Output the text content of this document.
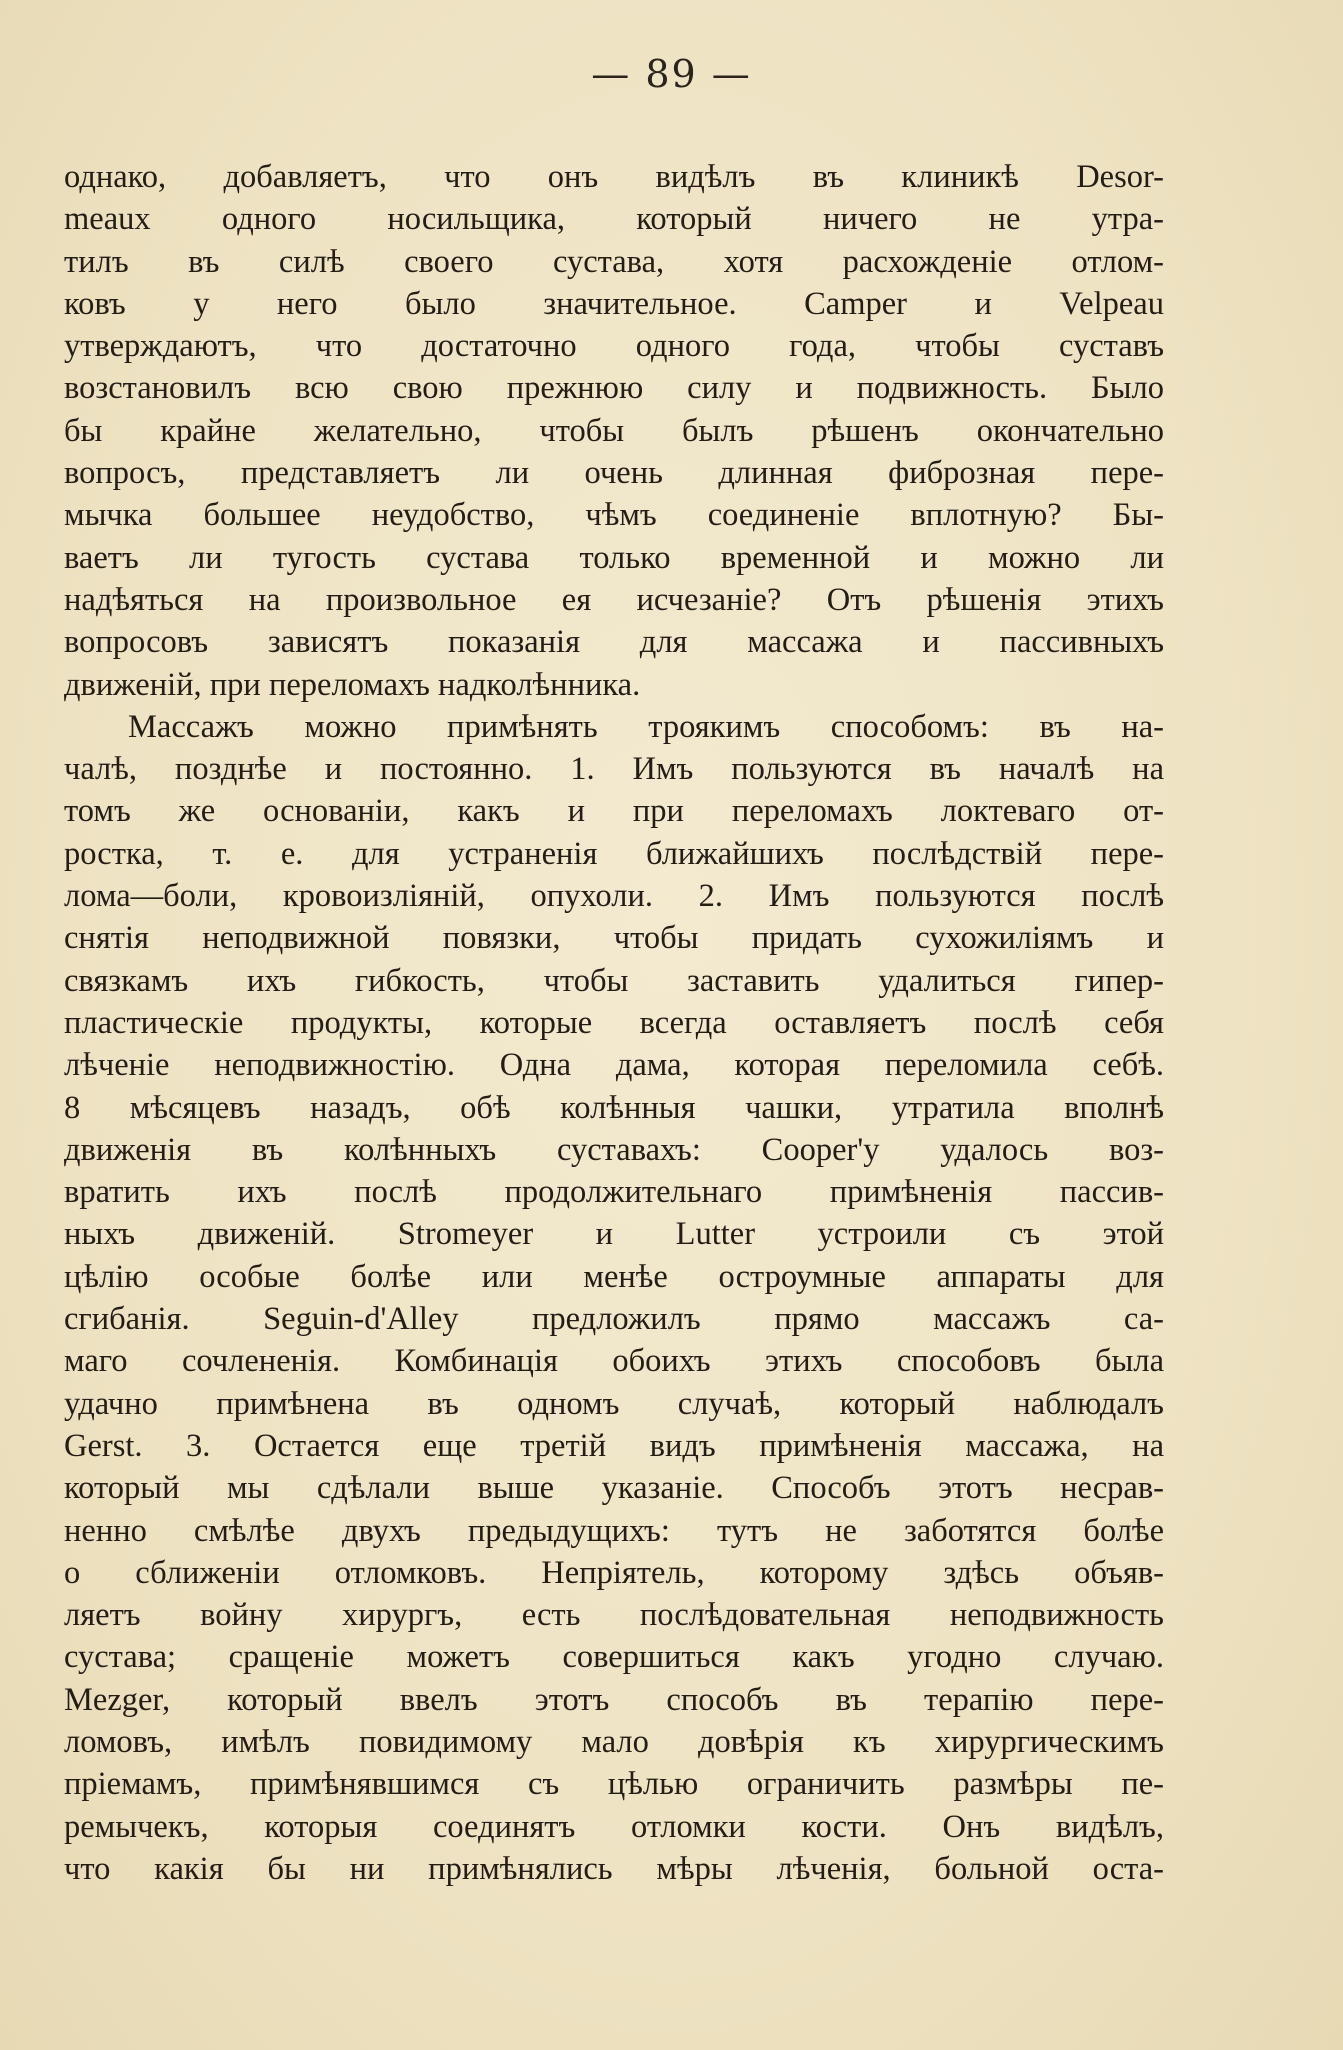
— 89 —
однако, добавляетъ, что онъ видѣлъ въ клиникѣ Desor-
meaux одного носильщика, который ничего не утра-
тилъ въ силѣ своего сустава, хотя расхожденіе отлом-
ковъ у него было значительное. Camper и Velpeau
утверждаютъ, что достаточно одного года, чтобы суставъ
возстановилъ всю свою прежнюю силу и подвижность. Было
бы крайне желательно, чтобы былъ рѣшенъ окончательно
вопросъ, представляетъ ли очень длинная фиброзная пере-
мычка большее неудобство, чѣмъ соединеніе вплотную? Бы-
ваетъ ли тугость сустава только временной и можно ли
надѣяться на произвольное ея исчезаніе? Отъ рѣшенія этихъ
вопросовъ зависятъ показанія для массажа и пассивныхъ
движеній, при переломахъ надколѣнника.
Массажъ можно примѣнять троякимъ способомъ: въ на-
чалѣ, позднѣе и постоянно. 1. Имъ пользуются въ началѣ на
томъ же основаніи, какъ и при переломахъ локтеваго от-
ростка, т. е. для устраненія ближайшихъ послѣдствій пере-
лома—боли, кровоизліяній, опухоли. 2. Имъ пользуются послѣ
снятія неподвижной повязки, чтобы придать сухожиліямъ и
связкамъ ихъ гибкость, чтобы заставить удалиться гипер-
пластическіе продукты, которые всегда оставляетъ послѣ себя
лѣченіе неподвижностію. Одна дама, которая переломила себѣ.
8 мѣсяцевъ назадъ, обѣ колѣнныя чашки, утратила вполнѣ
движенія въ колѣнныхъ суставахъ: Cooper'у удалось воз-
вратить ихъ послѣ продолжительнаго примѣненія пассив-
ныхъ движеній. Stromeyer и Lutter устроили съ этой
цѣлію особые болѣе или менѣе остроумные аппараты для
сгибанія. Seguin-d'Alley предложилъ прямо массажъ са-
маго сочлененія. Комбинація обоихъ этихъ способовъ была
удачно примѣнена въ одномъ случаѣ, который наблюдалъ
Gerst. 3. Остается еще третій видъ примѣненія массажа, на
который мы сдѣлали выше указаніе. Способъ этотъ несрав-
ненно смѣлѣе двухъ предыдущихъ: тутъ не заботятся болѣе
о сближеніи отломковъ. Непріятель, которому здѣсь объяв-
ляетъ войну хирургъ, есть послѣдовательная неподвижность
сустава; сращеніе можетъ совершиться какъ угодно случаю.
Mezger, который ввелъ этотъ способъ въ терапію пере-
ломовъ, имѣлъ повидимому мало довѣрія къ хирургическимъ
пріемамъ, примѣнявшимся съ цѣлью ограничить размѣры пе-
ремычекъ, которыя соединятъ отломки кости. Онъ видѣлъ,
что какія бы ни примѣнялись мѣры лѣченія, больной оста-
